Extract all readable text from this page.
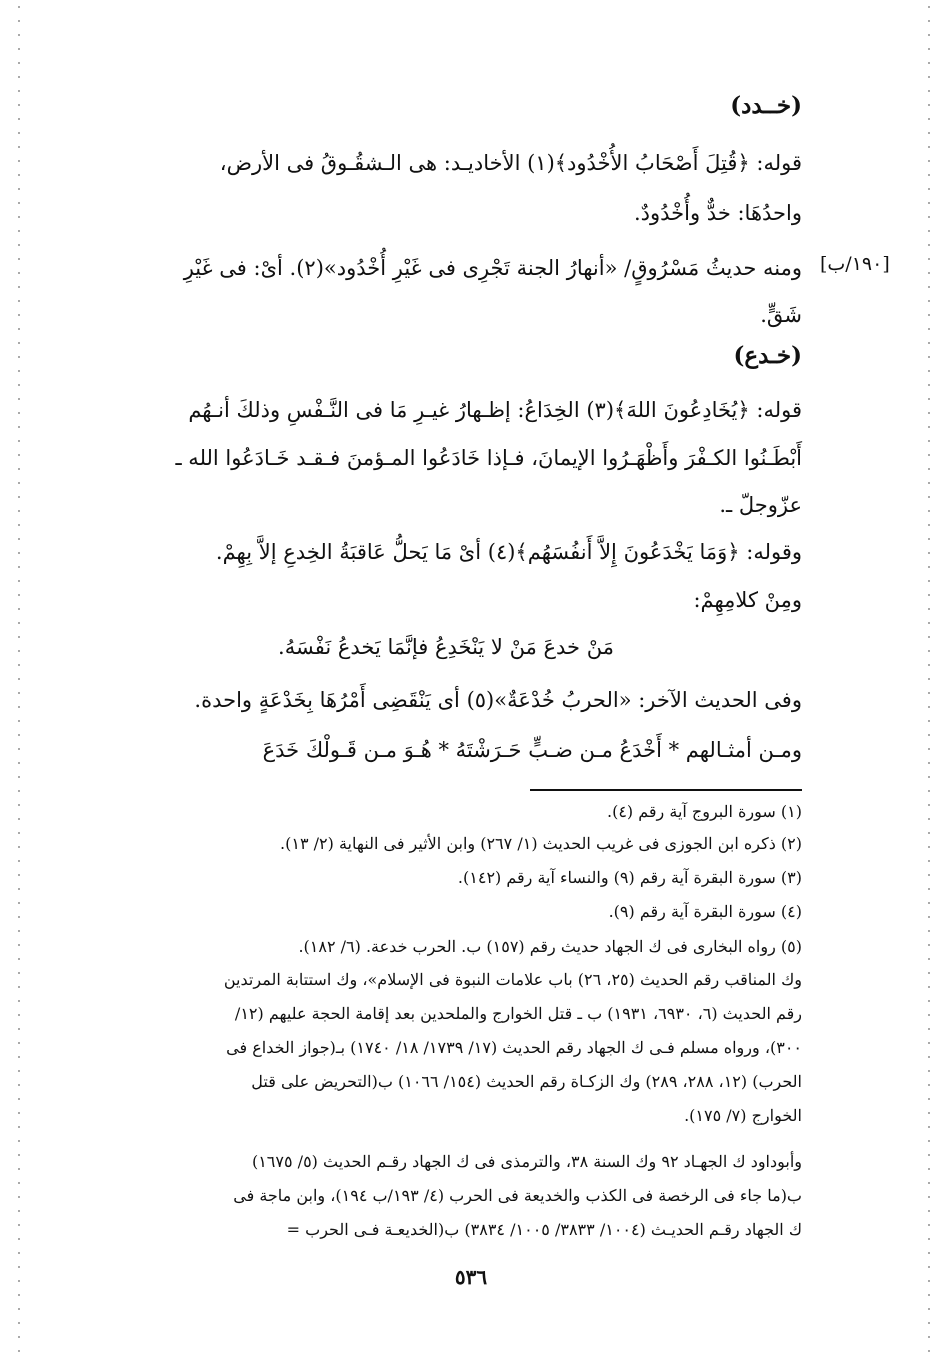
(خــدد)
قوله: ﴿قُتِلَ أَصْحَابُ الأُخْدُود﴾(١) الأخاديـد: هى الـشقُـوقُ فى الأرض،
واحدُهَا: خدٌّ وأُخْدُودٌ.
[١٩٠/ب]
ومنه حديثُ مَسْرُوقٍ/ «أنهارُ الجنة تَجْرِى فى غَيْرِ أُخْدُود»(٢). أىْ: فى غَيْرِ
شَقٍّ.
(خـدع)
قوله: ﴿يُخَادِعُونَ اللهَ﴾(٣) الخِدَاعُ: إظـهارُ غيـرِ مَا فى النَّـفْسِ وذلكَ أنـهُم
أَبْطَـنُوا الكـفْرَ وأَظْهَـرُوا الإيمانَ، فـإذا خَادَعُوا المـؤمنَ فـقـد خَـادَعُوا الله ـ
عزّوجلّ ـ.
وقوله: ﴿وَمَا يَخْدَعُونَ إِلاَّ أَنفُسَهُم﴾(٤) أىْ مَا يَحلُّ عَاقبَةُ الخِدعِ إلاَّ بِهِمْ.
ومِنْ كلامِهِمْ:
مَنْ خدعَ مَنْ لا يَنْخَدِعُ فإنَّمَا يَخدعُ نَفْسَهُ.
وفى الحديث الآخر: «الحربُ خُدْعَةٌ»(٥) أى يَنْقَضِى أَمْرُهَا بِخَدْعَةٍ واحدة.
ومـن أمثـالهم * أَخْدَعُ مـن ضـبٍّ حَـرَشْتَهُ * هُـوَ مـن قَـولْكَ خَدَعَ
(١) سورة البروج آية رقم (٤).
(٢) ذكره ابن الجوزى فى غريب الحديث (١/ ٢٦٧) وابن الأثير فى النهاية (٢/ ١٣).
(٣) سورة البقرة آية رقم (٩) والنساء آية رقم (١٤٢).
(٤) سورة البقرة آية رقم (٩).
(٥) رواه البخارى فى ك الجهاد حديث رقم (١٥٧) ب. الحرب خدعة. (٦/ ١٨٢).
وك المناقب رقم الحديث (٢٥، ٢٦) باب علامات النبوة فى الإسلام»، وك استتابة المرتدين
رقم الحديث (٦، ٦٩٣٠، ١٩٣١) ب ـ قتل الخوارج والملحدين بعد إقامة الحجة عليهم (١٢/
٣٠٠)، ورواه مسلم فـى ك الجهاد رقم الحديث (١٧/ ١٧٣٩/ ١٨/ ١٧٤٠) بـ(جواز الخداع فى
الحرب) (١٢، ٢٨٨، ٢٨٩) وك الزكـاة رقم الحديث (١٥٤/ ١٠٦٦) ب(التحريض على قتل
الخوارج (٧/ ١٧٥).
وأبوداود ك الجهـاد ٩٢ وك السنة ٣٨، والترمذى فى ك الجهاد رقـم الحديث (٥/ ١٦٧٥)
ب(ما جاء فى الرخصة فى الكذب والخديعة فى الحرب (٤/ ١٩٣/ب ١٩٤)، وابن ماجة فى
ك الجهاد رقـم الحديـث (١٠٠٤/ ٣٨٣٣/ ١٠٠٥/ ٣٨٣٤) ب(الخديعـة فـى الحرب =
٥٣٦
